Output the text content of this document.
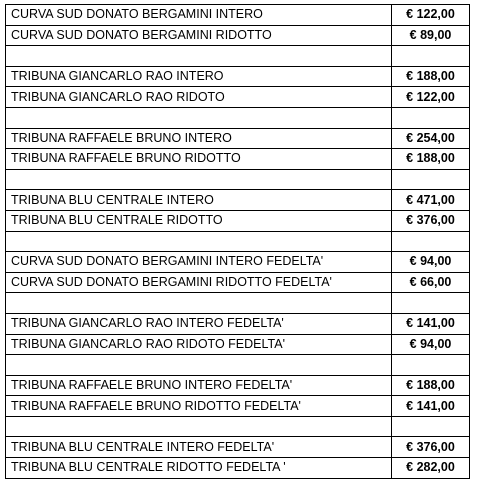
CURVA SUD DONATO BERGAMINI INTERO	€ 122,00
CURVA SUD DONATO BERGAMINI RIDOTTO	€ 89,00

TRIBUNA GIANCARLO RAO INTERO	€ 188,00
TRIBUNA GIANCARLO RAO RIDOTO	€ 122,00

TRIBUNA RAFFAELE BRUNO INTERO	€ 254,00
TRIBUNA RAFFAELE BRUNO RIDOTTO	€ 188,00

TRIBUNA BLU CENTRALE INTERO	€ 471,00
TRIBUNA BLU CENTRALE RIDOTTO	€ 376,00

CURVA SUD DONATO BERGAMINI INTERO FEDELTA'	€ 94,00
CURVA SUD DONATO BERGAMINI RIDOTTO FEDELTA'	€ 66,00

TRIBUNA GIANCARLO RAO INTERO FEDELTA'	€ 141,00
TRIBUNA GIANCARLO RAO RIDOTO FEDELTA'	€ 94,00

TRIBUNA RAFFAELE BRUNO INTERO FEDELTA'	€ 188,00
TRIBUNA RAFFAELE BRUNO RIDOTTO FEDELTA'	€ 141,00

TRIBUNA BLU CENTRALE INTERO FEDELTA'	€ 376,00
TRIBUNA BLU CENTRALE RIDOTTO FEDELTA '	€ 282,00
